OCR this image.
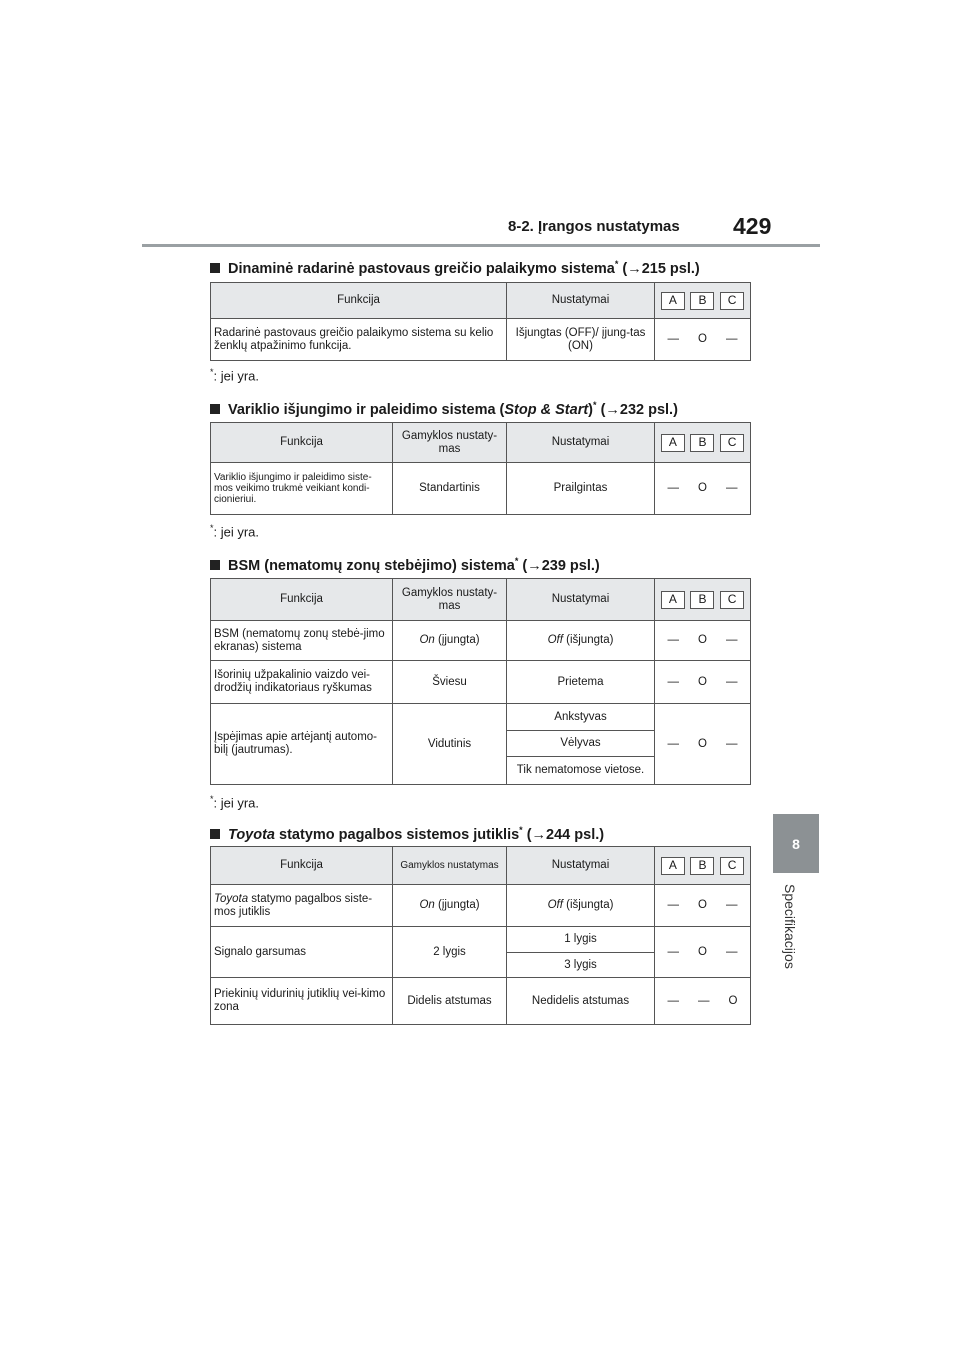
8-2. Įrangos nustatymas 429
8
Specifikacijos
Dinaminė radarinė pastovaus greičio palaikymo sistema* (→215 psl.)
Funkcija	Nustatymai	A B C

Radarinė pastovaus greičio palaikymo sistema su kelio ženklų atpažinimo funkcija.	Išjungtas (OFF)/ įjung-tas (ON)	— O —
*: jei yra.
Variklio išjungimo ir paleidimo sistema (Stop & Start)* (→232 psl.)
Funkcija	Gamyklos nustaty-mas	Nustatymai	A B C

Variklio išjungimo ir paleidimo siste-mos veikimo trukmė veikiant kondi-cionieriui.	Standartinis	Prailgintas	— O —
*: jei yra.
BSM (nematomų zonų stebėjimo) sistema* (→239 psl.)
Funkcija	Gamyklos nustaty-mas	Nustatymai	A B C

BSM (nematomų zonų stebė-jimo ekranas) sistema	On (įjungta)	Off (išjungta)	— O —

Išorinių užpakalinio vaizdo vei-drodžių indikatoriaus ryškumas	Šviesu	Prietema	— O —

Įspėjimas apie artėjantį automo-bilį (jautrumas).	Vidutinis	Ankstyvas	— O —

		Vėlyvas	
		Tik nematomose vietose.	
*: jei yra.
Toyota statymo pagalbos sistemos jutiklis* (→244 psl.)
Funkcija	Gamyklos nustatymas	Nustatymai	A B C

Toyota statymo pagalbos siste-mos jutiklis	On (įjungta)	Off (išjungta)	— O —

Signalo garsumas	2 lygis	1 lygis	— O —

		3 lygis	
Priekinių vidurinių jutiklių vei-kimo zona	Didelis atstumas	Nedidelis atstumas	— — O
